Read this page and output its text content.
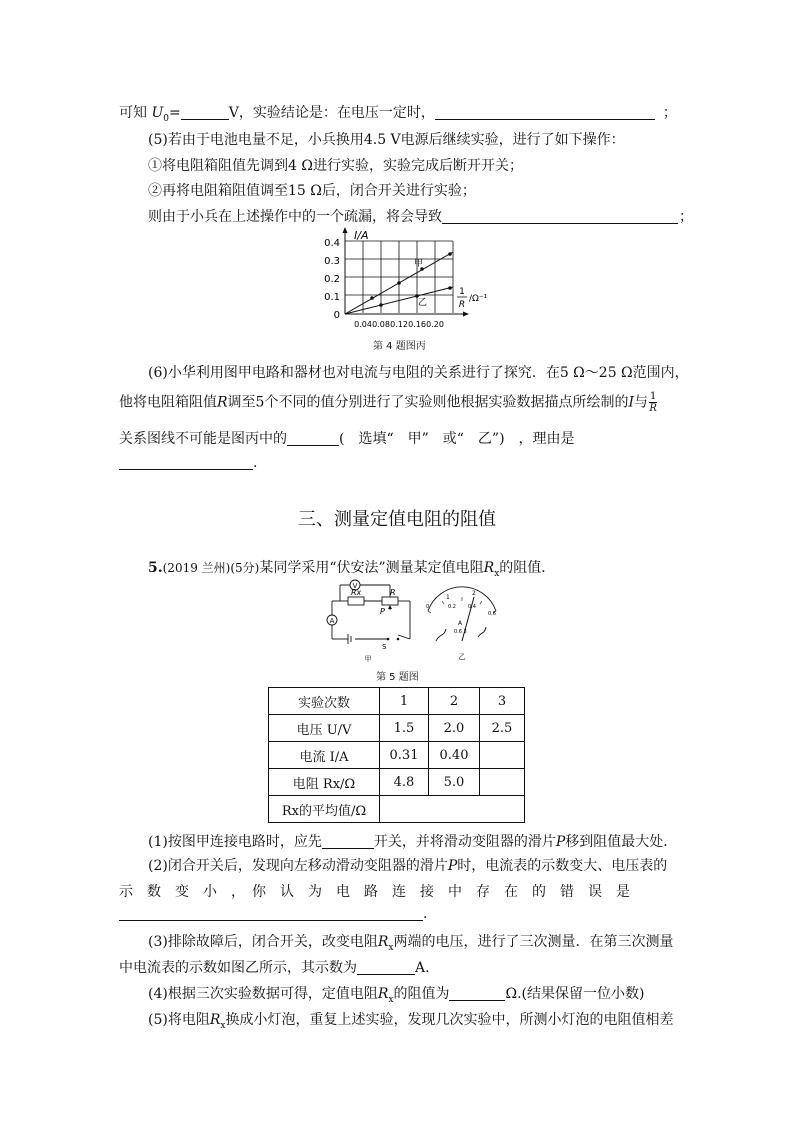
可知 $U_0=$	V，实验结论是：在电压一定时，	；
(5)若由于电池电量不足，小兵换用4.5 V电源后继续实验，进行了如下操作：
①将电阻箱阻值先调到4 Ω进行实验，实验完成后断开开关；
②再将电阻箱阻值调至15 Ω后，闭合开关进行实验；
则由于小兵在上述操作中的一个疏漏，将会导致	；
I/A
0.4
0.3
0.2
0.1
0
0.04 0.08 0.12 0.16 0.20
甲
乙
1
R
/Ω⁻¹
第 4 题图丙
(6)小华利用图甲电路和器材也对电流与电阻的关系进行了探究．在5 Ω～25 Ω范围内，
他将电阻箱阻值R调至5个不同的值分别进行了实验则他根据实验数据描点所绘制的I与 $\frac{1}{R}$
关系图线不可能是图丙中的	(　选填“　甲”　或“　乙”)　，理由是
.
三、测量定值电阻的阻值
5.(2019 兰州)(5分)某同学采用“伏安法”测量某定值电阻$R_x$的阻值．
V
A
Rx	R
P
S
甲
0	0.2 0.4
0.6
1
2
A
0.6 3
乙
第 5 题图
实验次数	1	2	3
电压 U/V	1.5	2.0	2.5
电流 I/A	0.31	0.40	
电阻 Rx/Ω	4.8	5.0	
Rx的平均值/Ω			
(1)按图甲连接电路时，应先	开关，并将滑动变阻器的滑片P移到阻值最大处．
(2)闭合开关后，发现向左移动滑动变阻器的滑片P时，电流表的示数变大、电压表的
示　数　变　小　，　你　认　为　电　路　连　接　中　存　在　的　错　误　是
.
(3)排除故障后，闭合开关，改变电阻$R_x$两端的电压，进行了三次测量．在第三次测量
中电流表的示数如图乙所示，其示数为	A.
(4)根据三次实验数据可得，定值电阻$R_x$的阻值为	Ω.(结果保留一位小数)
(5)将电阻$R_x$换成小灯泡，重复上述实验，发现几次实验中，所测小灯泡的电阻值相差
